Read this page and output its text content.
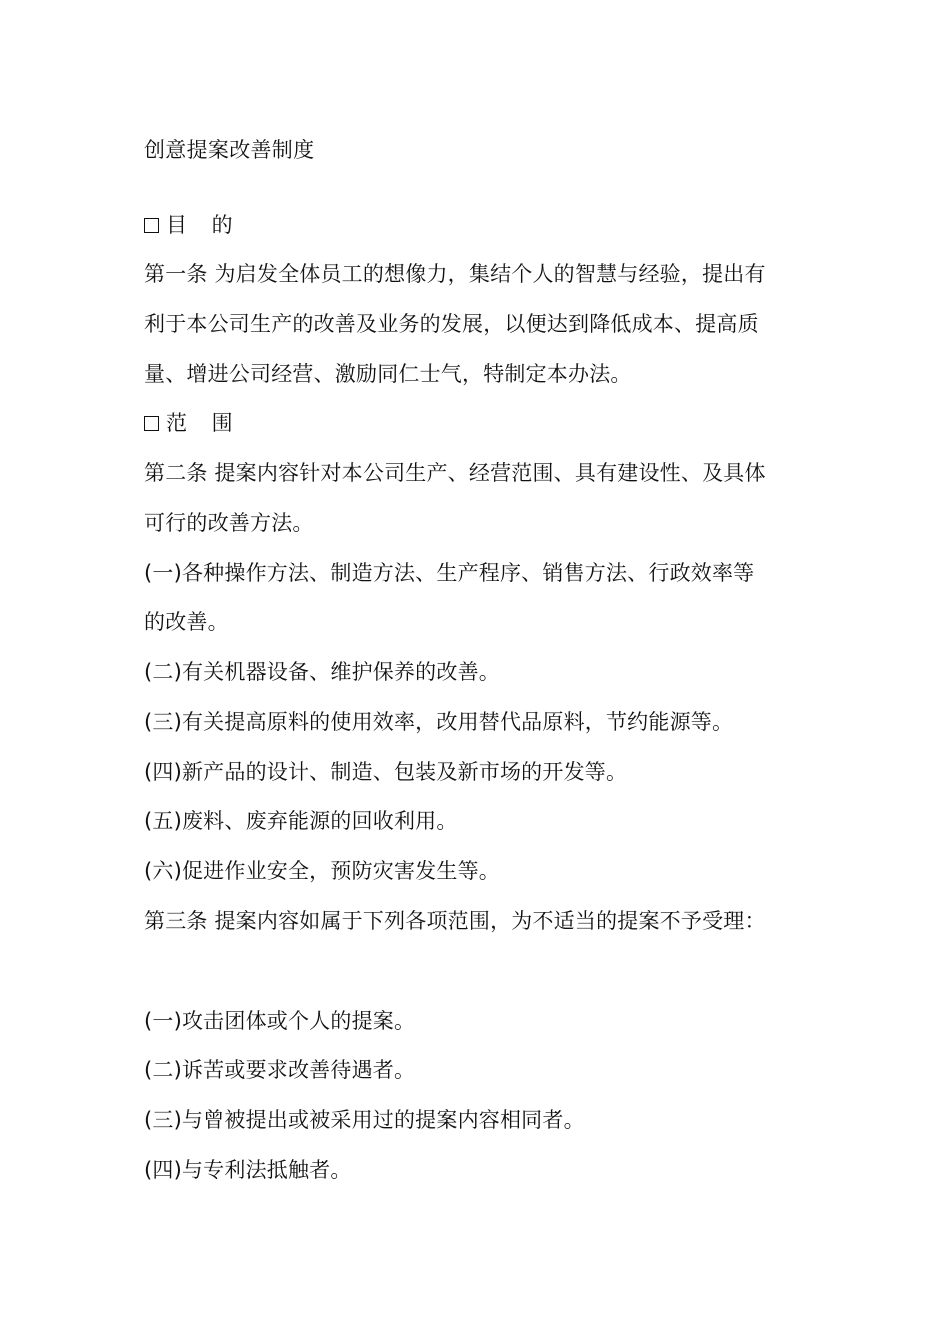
创意提案改善制度
目 的
第一条 为启发全体员工的想像力，集结个人的智慧与经验，提出有
利于本公司生产的改善及业务的发展，以便达到降低成本、提高质
量、增进公司经营、激励同仁士气，特制定本办法。
范 围
第二条 提案内容针对本公司生产、经营范围、具有建设性、及具体
可行的改善方法。
(一)各种操作方法、制造方法、生产程序、销售方法、行政效率等
的改善。
(二)有关机器设备、维护保养的改善。
(三)有关提高原料的使用效率，改用替代品原料，节约能源等。
(四)新产品的设计、制造、包装及新市场的开发等。
(五)废料、废弃能源的回收利用。
(六)促进作业安全，预防灾害发生等。
第三条 提案内容如属于下列各项范围，为不适当的提案不予受理：
(一)攻击团体或个人的提案。
(二)诉苦或要求改善待遇者。
(三)与曾被提出或被采用过的提案内容相同者。
(四)与专利法抵触者。
